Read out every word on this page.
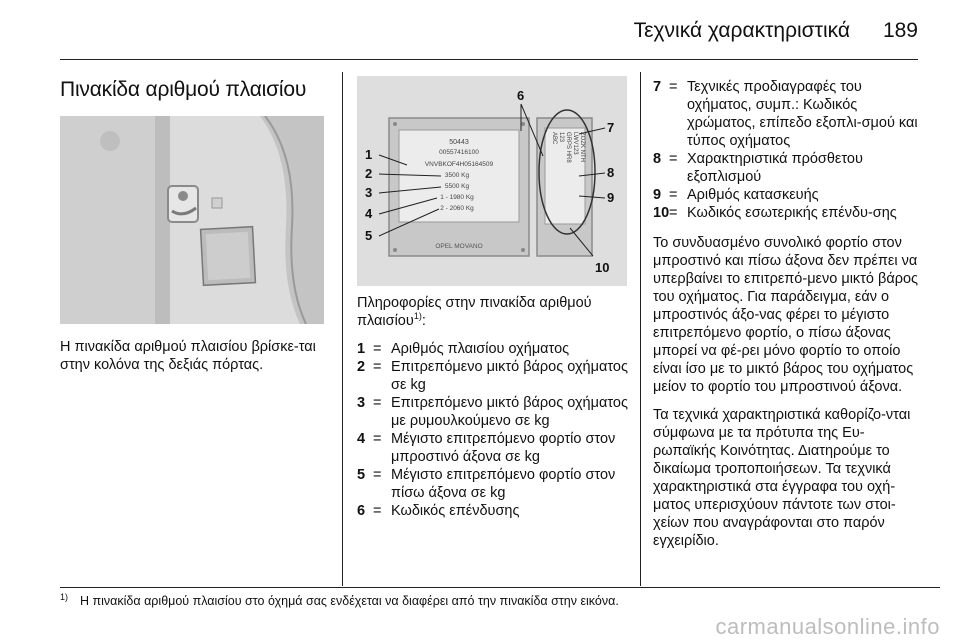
Τεχνικά χαρακτηριστικά 189
Πινακίδα αριθμού πλαισίου

Η πινακίδα αριθμού πλαισίου βρίσκε-ται στην κολόνα της δεξιάς πόρτας.

50443
00557416100
VNVBKOF4H05164509
3500 Kg
5500 Kg
1 - 1980 Kg
2 - 2060 Kg
OPEL MOVANO
ABC 123 GRPS HR8 LWV123 ZOZK NTH
1
2
3
4
5
6
7
8
9
10

Πληροφορίες στην πινακίδα αριθμού πλαισίου$^{1)}$:

1 = Αριθμός πλαισίου οχήματος
2 = Επιτρεπόμενο μικτό βάρος οχήματος σε kg
3 = Επιτρεπόμενο μικτό βάρος οχήματος με ρυμουλκούμενο σε kg
4 = Μέγιστο επιτρεπόμενο φορτίο στον μπροστινό άξονα σε kg
5 = Μέγιστο επιτρεπόμενο φορτίο στον πίσω άξονα σε kg
6 = Κωδικός επένδυσης
7 = Τεχνικές προδιαγραφές του οχήματος, συμπ.: Κωδικός χρώματος, επίπεδο εξοπλι-σμού και τύπος οχήματος
8 = Χαρακτηριστικά πρόσθετου εξοπλισμού
9 = Αριθμός κατασκευής
10 = Κωδικός εσωτερικής επένδυ-σης

Το συνδυασμένο συνολικό φορτίο στον μπροστινό και πίσω άξονα δεν πρέπει να υπερβαίνει το επιτρεπό-μενο μικτό βάρος του οχήματος. Για παράδειγμα, εάν ο μπροστινός άξο-νας φέρει το μέγιστο επιτρεπόμενο φορτίο, ο πίσω άξονας μπορεί να φέ-ρει μόνο φορτίο το οποίο είναι ίσο με το μικτό βάρος του οχήματος μείον το φορτίο του μπροστινού άξονα.

Τα τεχνικά χαρακτηριστικά καθορίζο-νται σύμφωνα με τα πρότυπα της Ευ-ρωπαϊκής Κοινότητας. Διατηρούμε το δικαίωμα τροποποιήσεων. Τα τεχνικά χαρακτηριστικά στα έγγραφα του οχή-ματος υπερισχύουν πάντοτε των στοι-χείων που αναγράφονται στο παρόν εγχειρίδιο.

$^{1)}$ Η πινακίδα αριθμού πλαισίου στο όχημά σας ενδέχεται να διαφέρει από την πινακίδα στην εικόνα.
carmanualsonline.info
